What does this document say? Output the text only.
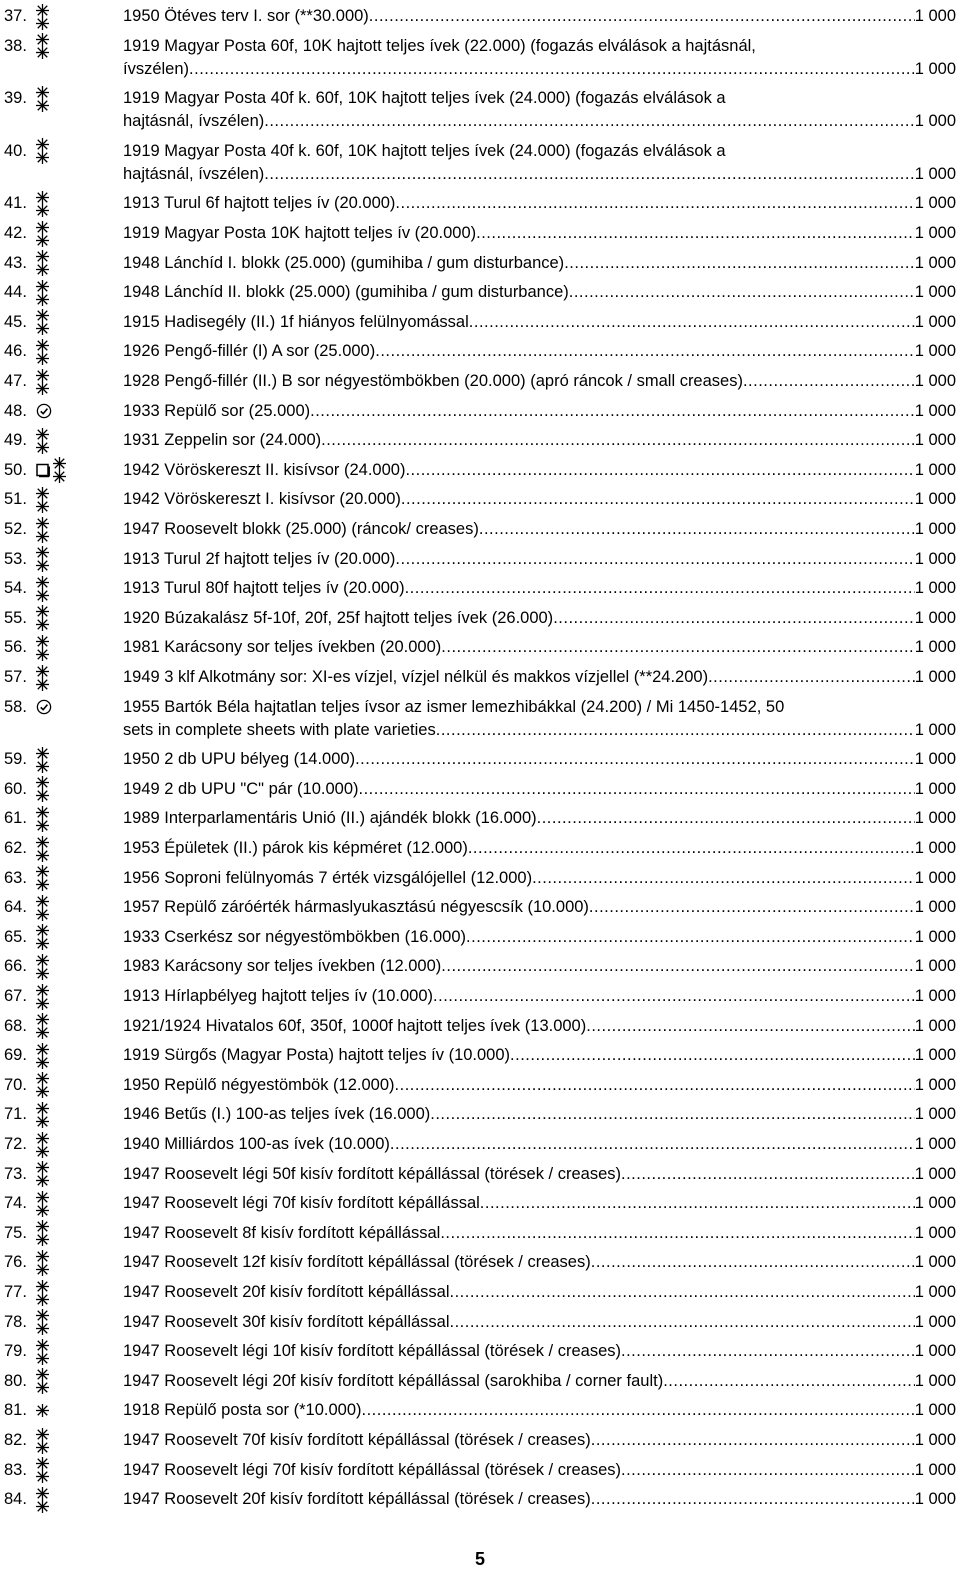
37.	1950 Ötéves terv I. sor (**30.000) .....	1 000
38.	1919 Magyar Posta 60f, 10K hajtott teljes ívek (22.000) (fogazás elválások a hajtásnál,
ívszélen) .....	1 000
39.	1919 Magyar Posta 40f k. 60f, 10K hajtott teljes ívek (24.000) (fogazás elválások a
hajtásnál, ívszélen) .....	1 000
40.	1919 Magyar Posta 40f k. 60f, 10K hajtott teljes ívek (24.000) (fogazás elválások a
hajtásnál, ívszélen) .....	1 000
41.	1913 Turul 6f hajtott teljes ív (20.000) .....	1 000
42.	1919 Magyar Posta 10K hajtott teljes ív (20.000) .....	1 000
43.	1948 Lánchíd I. blokk (25.000) (gumihiba / gum disturbance) .....	1 000
44.	1948 Lánchíd II. blokk (25.000) (gumihiba / gum disturbance) .....	1 000
45.	1915 Hadisegély (II.) 1f hiányos felülnyomással .....	1 000
46.	1926 Pengő-fillér (I) A sor (25.000) .....	1 000
47.	1928 Pengő-fillér (II.) B sor négyestömbökben (20.000) (apró ráncok / small creases) .....	1 000
48.	1933 Repülő sor (25.000) .....	1 000
49.	1931 Zeppelin sor (24.000) .....	1 000
50.	1942 Vöröskereszt II. kisívsor (24.000) .....	1 000
51.	1942 Vöröskereszt I. kisívsor (20.000) .....	1 000
52.	1947 Roosevelt blokk (25.000) (ráncok/ creases) .....	1 000
53.	1913 Turul 2f hajtott teljes ív (20.000) .....	1 000
54.	1913 Turul 80f hajtott teljes ív (20.000) .....	1 000
55.	1920 Búzakalász 5f-10f, 20f, 25f hajtott teljes ívek (26.000) .....	1 000
56.	1981 Karácsony sor teljes ívekben (20.000) .....	1 000
57.	1949 3 klf Alkotmány sor: XI-es vízjel, vízjel nélkül és makkos vízjellel (**24.200) .....	1 000
58.	1955 Bartók Béla hajtatlan teljes ívsor az ismer lemezhibákkal (24.200) / Mi 1450-1452, 50
sets in complete sheets with plate varieties .....	1 000
59.	1950 2 db UPU bélyeg (14.000) .....	1 000
60.	1949 2 db UPU "C" pár (10.000) .....	1 000
61.	1989 Interparlamentáris Unió (II.) ajándék blokk (16.000) .....	1 000
62.	1953 Épületek (II.) párok kis képméret (12.000) .....	1 000
63.	1956 Soproni felülnyomás 7 érték vizsgálójellel (12.000) .....	1 000
64.	1957 Repülő záróérték hármaslyukasztású négyescsík (10.000) .....	1 000
65.	1933 Cserkész sor négyestömbökben (16.000) .....	1 000
66.	1983 Karácsony sor teljes ívekben (12.000) .....	1 000
67.	1913 Hírlapbélyeg hajtott teljes ív (10.000) .....	1 000
68.	1921/1924 Hivatalos 60f, 350f, 1000f hajtott teljes ívek (13.000) .....	1 000
69.	1919 Sürgős (Magyar Posta) hajtott teljes ív (10.000) .....	1 000
70.	1950 Repülő négyestömbök (12.000) .....	1 000
71.	1946 Betűs (I.) 100-as teljes ívek (16.000) .....	1 000
72.	1940 Milliárdos 100-as ívek (10.000) .....	1 000
73.	1947 Roosevelt légi 50f kisív fordított képállással (törések / creases) .....	1 000
74.	1947 Roosevelt légi 70f kisív fordított képállással .....	1 000
75.	1947 Roosevelt 8f kisív fordított képállással .....	1 000
76.	1947 Roosevelt 12f kisív fordított képállással (törések / creases) .....	1 000
77.	1947 Roosevelt 20f kisív fordított képállással .....	1 000
78.	1947 Roosevelt 30f kisív fordított képállással .....	1 000
79.	1947 Roosevelt légi 10f kisív fordított képállással (törések / creases) .....	1 000
80.	1947 Roosevelt légi 20f kisív fordított képállással (sarokhiba / corner fault) .....	1 000
81.	1918 Repülő posta sor (*10.000) .....	1 000
82.	1947 Roosevelt 70f kisív fordított képállással (törések / creases) .....	1 000
83.	1947 Roosevelt légi 70f kisív fordított képállással (törések / creases) .....	1 000
84.	1947 Roosevelt 20f kisív fordított képállással (törések / creases) .....	1 000
5
